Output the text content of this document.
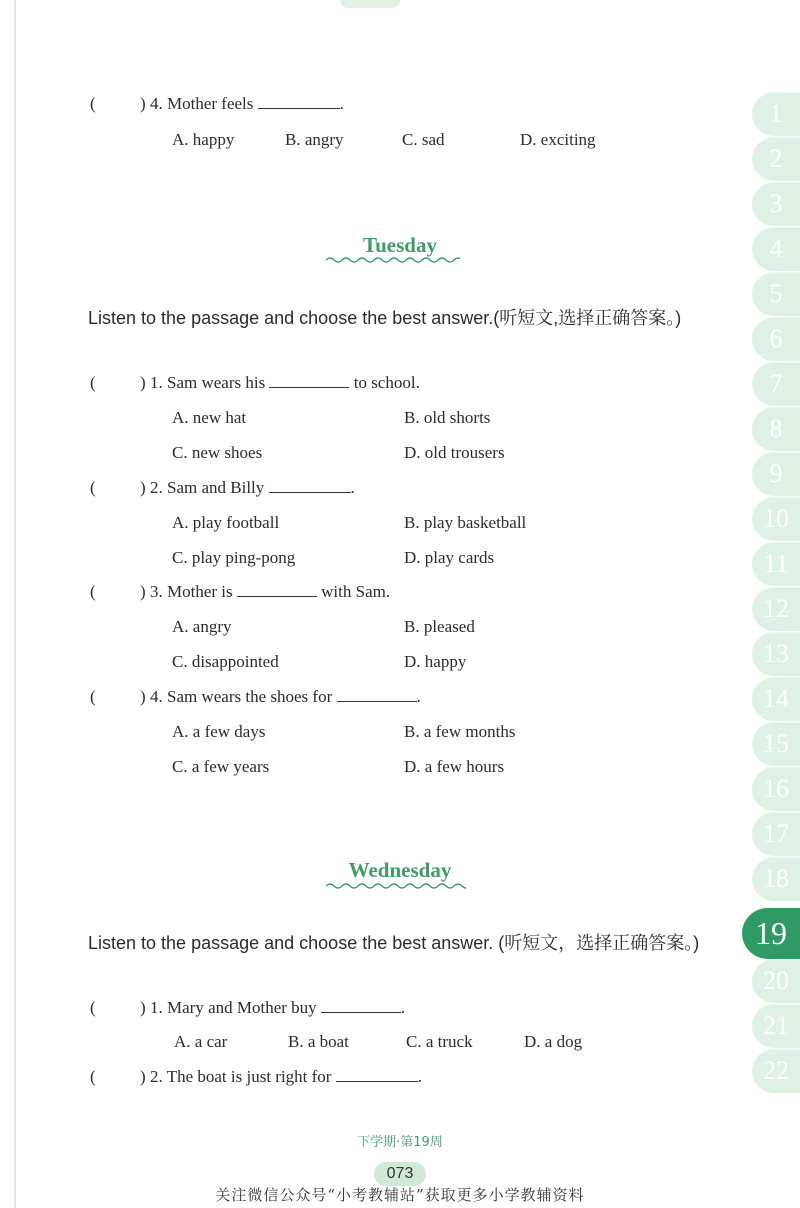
(	) 4. Mother feels	.
A. happy	B. angry	C. sad	D. exciting
Tuesday
Listen to the passage and choose the best answer.(听短文,选择正确答案。)
(	) 1. Sam wears his	to school.
A. new hat	B. old shorts
C. new shoes	D. old trousers
(	) 2. Sam and Billy	.
A. play football	B. play basketball
C. play ping-pong	D. play cards
(	) 3. Mother is	with Sam.
A. angry	B. pleased
C. disappointed	D. happy
(	) 4. Sam wears the shoes for	.
A. a few days	B. a few months
C. a few years	D. a few hours
Wednesday
Listen to the passage and choose the best answer. (听短文，选择正确答案。)
(	) 1. Mary and Mother buy	.
A. a car	B. a boat	C. a truck	D. a dog
(	) 2. The boat is just right for	.
1
2
3
4
5
6
7
8
9
10
11
12
13
14
15
16
17
18
19
20
21
22
下学期·第19周
073
关注微信公众号“小考教辅站”获取更多小学教辅资料
